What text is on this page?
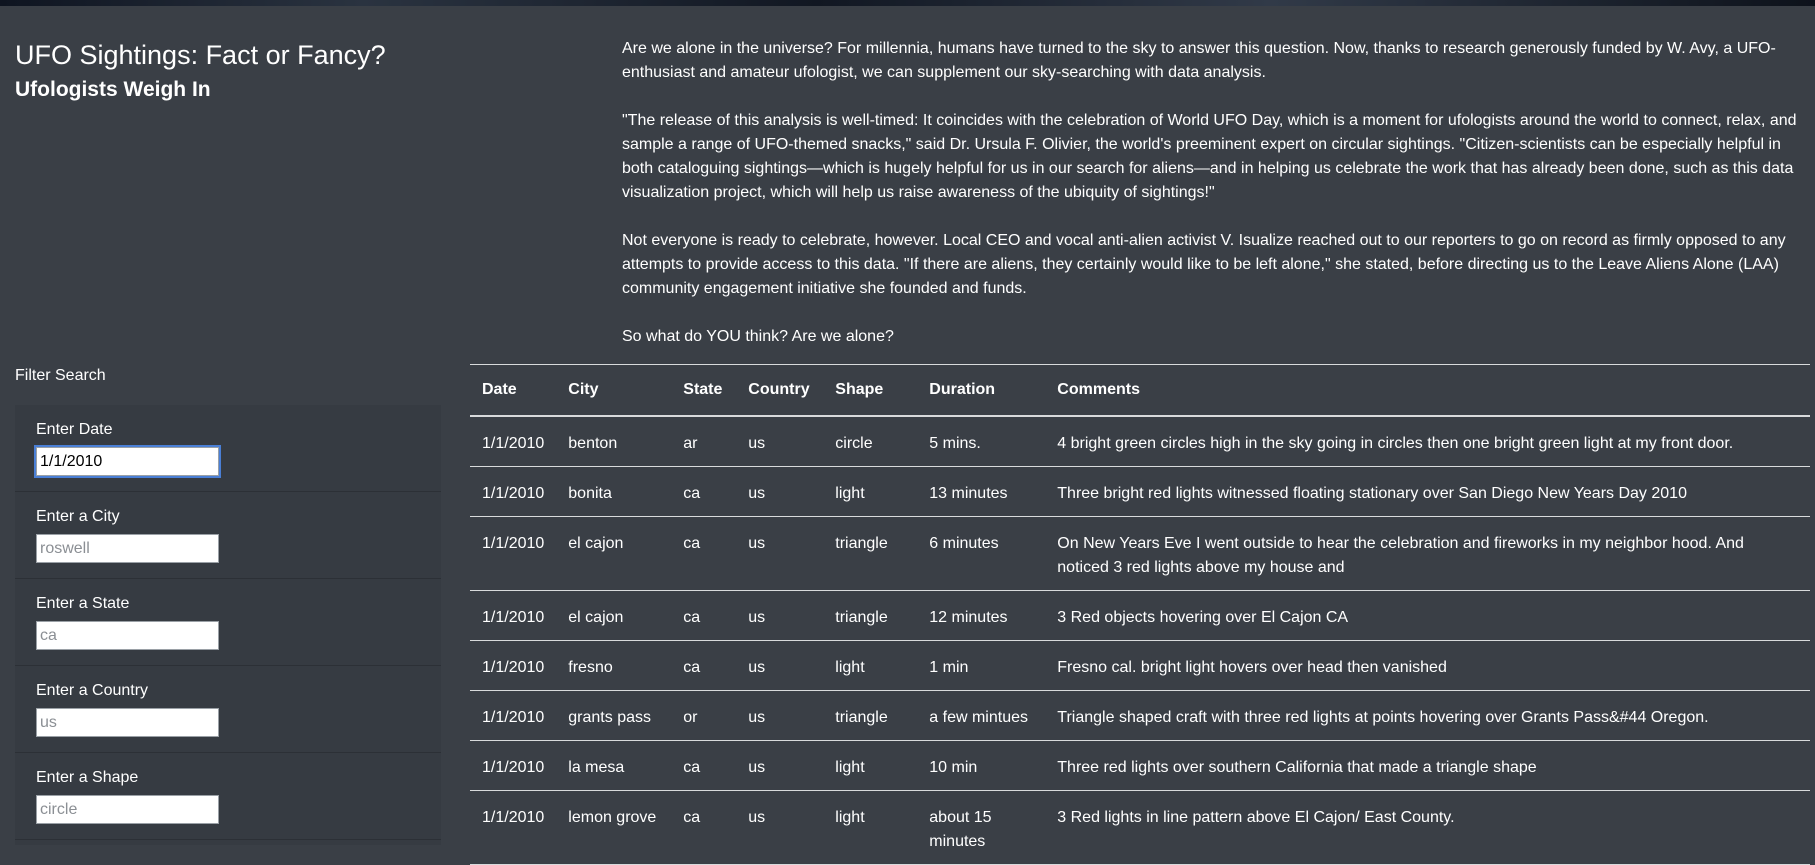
UFO Sightings: Fact or Fancy?
Ufologists Weigh In

Are we alone in the universe? For millennia, humans have turned to the sky to answer this question. Now, thanks to research generously funded by W. Avy, a UFO-enthusiast and amateur ufologist, we can supplement our sky-searching with data analysis.

"The release of this analysis is well-timed: It coincides with the celebration of World UFO Day, which is a moment for ufologists around the world to connect, relax, and sample a range of UFO-themed snacks," said Dr. Ursula F. Olivier, the world's preeminent expert on circular sightings. "Citizen-scientists can be especially helpful in both cataloguing sightings—which is hugely helpful for us in our search for aliens—and in helping us celebrate the work that has already been done, such as this data visualization project, which will help us raise awareness of the ubiquity of sightings!"

Not everyone is ready to celebrate, however. Local CEO and vocal anti-alien activist V. Isualize reached out to our reporters to go on record as firmly opposed to any attempts to provide access to this data. "If there are aliens, they certainly would like to be left alone," she stated, before directing us to the Leave Aliens Alone (LAA) community engagement initiative she founded and funds.

So what do YOU think? Are we alone?

Filter Search
Enter Date
1/1/2010
Enter a City
roswell
Enter a State
ca
Enter a Country
us
Enter a Shape
circle
Date	City	State	Country	Shape	Duration	Comments
1/1/2010	benton	ar	us	circle	5 mins.	4 bright green circles high in the sky going in circles then one bright green light at my front door.
1/1/2010	bonita	ca	us	light	13 minutes	Three bright red lights witnessed floating stationary over San Diego New Years Day 2010
1/1/2010	el cajon	ca	us	triangle	6 minutes	On New Years Eve I went outside to hear the celebration and fireworks in my neighbor hood. And noticed 3 red lights above my house and
1/1/2010	el cajon	ca	us	triangle	12 minutes	3 Red objects hovering over El Cajon CA
1/1/2010	fresno	ca	us	light	1 min	Fresno cal. bright light hovers over head then vanished
1/1/2010	grants pass	or	us	triangle	a few mintues	Triangle shaped craft with three red lights at points hovering over Grants Pass&#44 Oregon.
1/1/2010	la mesa	ca	us	light	10 min	Three red lights over southern California that made a triangle shape
1/1/2010	lemon grove	ca	us	light	about 15 minutes	3 Red lights in line pattern above El Cajon/ East County.
